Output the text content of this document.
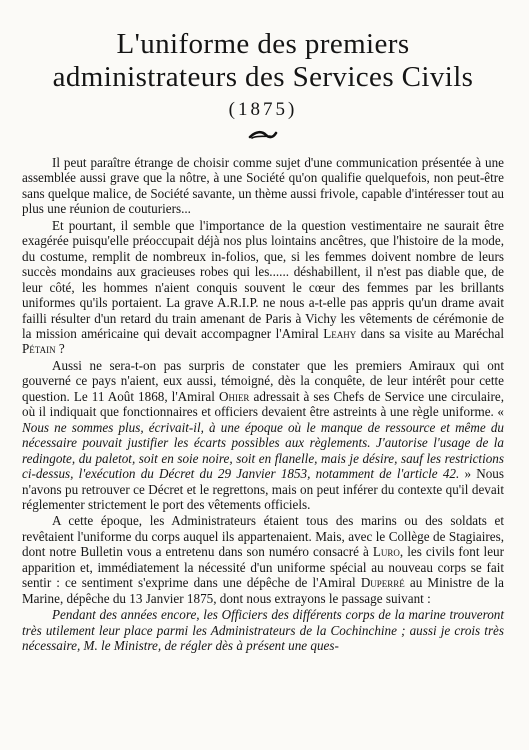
L'uniforme des premiers
administrateurs des Services Civils
(1875)

Il peut paraître étrange de choisir comme sujet d'une communication présentée à une assemblée aussi grave que la nôtre, à une Société qu'on qualifie quelquefois, non peut-être sans quelque malice, de Société savante, un thème aussi frivole, capable d'intéresser tout au plus une réunion de couturiers...

Et pourtant, il semble que l'importance de la question vestimentaire ne saurait être exagérée puisqu'elle préoccupait déjà nos plus lointains ancêtres, que l'histoire de la mode, du costume, remplit de nombreux in-folios, que, si les femmes doivent nombre de leurs succès mondains aux gracieuses robes qui les...... déshabillent, il n'est pas diable que, de leur côté, les hommes n'aient conquis souvent le cœur des femmes par les brillants uniformes qu'ils portaient. La grave A.R.I.P. ne nous a-t-elle pas appris qu'un drame avait failli résulter d'un retard du train amenant de Paris à Vichy les vêtements de cérémonie de la mission américaine qui devait accompagner l'Amiral Leahy dans sa visite au Maréchal Pétain ?

Aussi ne sera-t-on pas surpris de constater que les premiers Amiraux qui ont gouverné ce pays n'aient, eux aussi, témoigné, dès la conquête, de leur intérêt pour cette question. Le 11 Août 1868, l'Amiral Ohier adressait à ses Chefs de Service une circulaire, où il indiquait que fonctionnaires et officiers devaient être astreints à une règle uniforme. « Nous ne sommes plus, écrivait-il, à une époque où le manque de ressource et même du nécessaire pouvait justifier les écarts possibles aux règlements. J'autorise l'usage de la redingote, du paletot, soit en soie noire, soit en flanelle, mais je désire, sauf les restrictions ci-dessus, l'exécution du Décret du 29 Janvier 1853, notamment de l'article 42. » Nous n'avons pu retrouver ce Décret et le regrettons, mais on peut inférer du contexte qu'il devait réglementer strictement le port des vêtements officiels.

A cette époque, les Administrateurs étaient tous des marins ou des soldats et revêtaient l'uniforme du corps auquel ils appartenaient. Mais, avec le Collège de Stagiaires, dont notre Bulletin vous a entretenu dans son numéro consacré à Luro, les civils font leur apparition et, immédiatement la nécessité d'un uniforme spécial au nouveau corps se fait sentir : ce sentiment s'exprime dans une dépêche de l'Amiral Duperré au Ministre de la Marine, dépêche du 13 Janvier 1875, dont nous extrayons le passage suivant :

Pendant des années encore, les Officiers des différents corps de la marine trouveront très utilement leur place parmi les Administrateurs de la Cochinchine ; aussi je crois très nécessaire, M. le Ministre, de régler dès à présent une ques-
